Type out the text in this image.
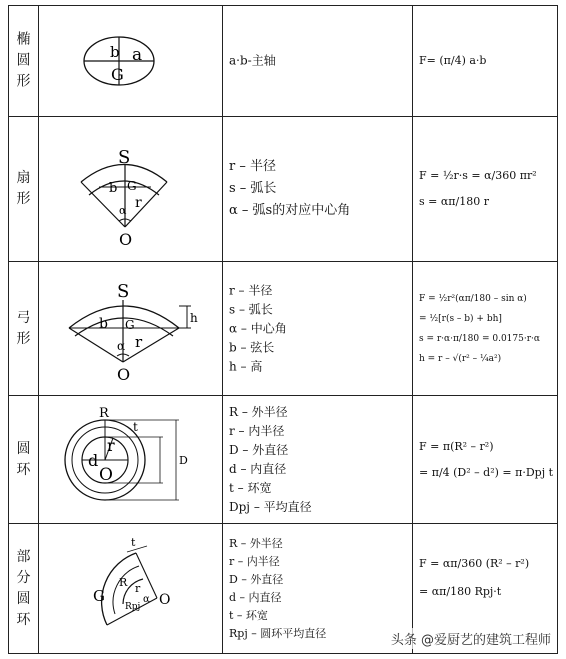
椭
圆
形
b a
G
a·b-主轴	F= (π/4) a·b
扇
形
S
b G
r
α
O
r – 半径
s – 弧长
α – 弧s的对应中心角
F = ½r·s = α/360 πr²
s = απ/180 r
弓
形
S
b G
α r
O
h
r – 半径
s – 弧长
α – 中心角
b – 弦长
h – 高
F = ½r²(απ/180 – sin α)
= ½[r(s – b) + bh]
s = r·α·π/180 = 0.0175·r·α
h = r – √(r² – ¼a²)
圆
环
R
r
d
O
t
D
R – 外半径
r – 内半径
D – 外直径
d – 内直径
t – 环宽
Dpj – 平均直径
F = π(R² – r²)
= π/4 (D² – d²) = π·Dpj t
部
分
圆
环
t
G
R r
Rpj
α O
R – 外半径
r – 内半径
D – 外直径
d – 内直径
t – 环宽
Rpj – 圆环平均直径
F = απ/360 (R² – r²)
= απ/180 Rpj·t
头条 @爱厨艺的建筑工程师
